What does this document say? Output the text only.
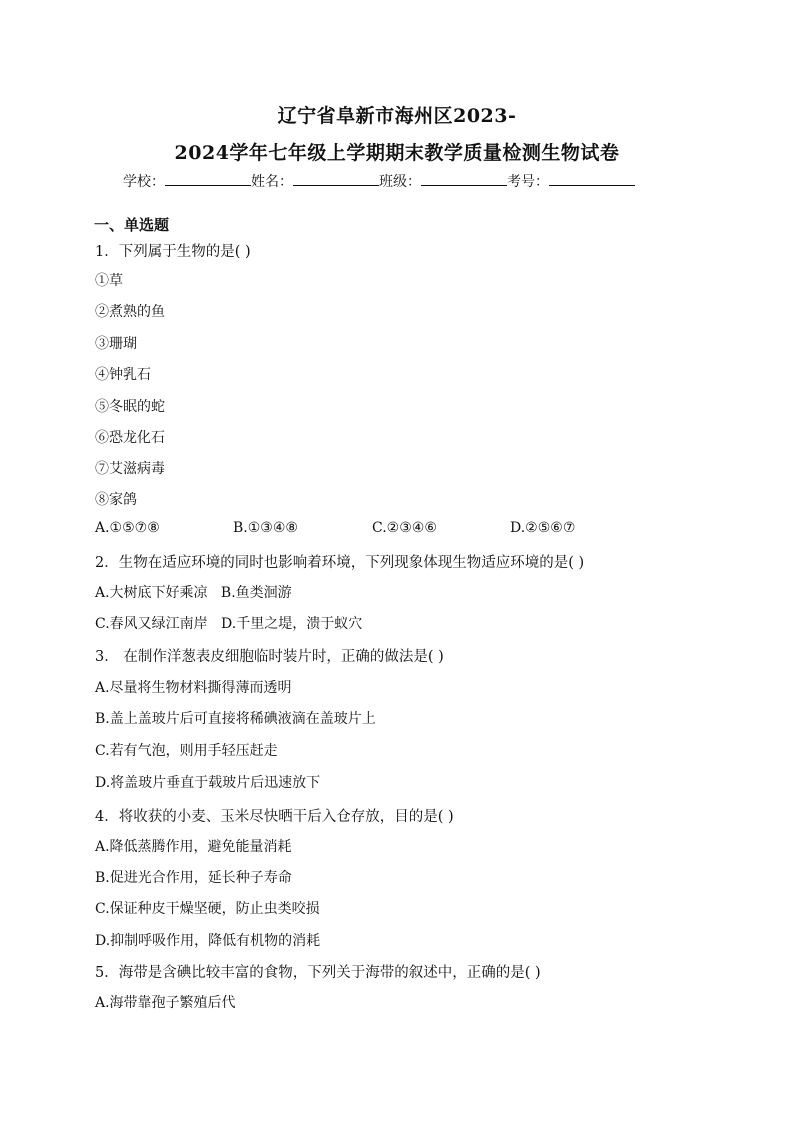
辽宁省阜新市海州区2023-
2024学年七年级上学期期末教学质量检测生物试卷
学校：	姓名：	班级：	考号：
一、单选题
1．下列属于生物的是( )
①草
②煮熟的鱼
③珊瑚
④钟乳石
⑤冬眠的蛇
⑥恐龙化石
⑦艾滋病毒
⑧家鸽
A.①⑤⑦⑧	B.①③④⑧	C.②③④⑥	D.②⑤⑥⑦
2．生物在适应环境的同时也影响着环境，下列现象体现生物适应环境的是( )
A.大树底下好乘凉   B.鱼类洄游
C.春风又绿江南岸   D.千里之堤，溃于蚁穴
3． 在制作洋葱表皮细胞临时装片时，正确的做法是( )
A.尽量将生物材料撕得薄而透明
B.盖上盖玻片后可直接将稀碘液滴在盖玻片上
C.若有气泡，则用手轻压赶走
D.将盖玻片垂直于载玻片后迅速放下
4．将收获的小麦、玉米尽快晒干后入仓存放，目的是( )
A.降低蒸腾作用，避免能量消耗
B.促进光合作用，延长种子寿命
C.保证种皮干燥坚硬，防止虫类咬损
D.抑制呼吸作用，降低有机物的消耗
5．海带是含碘比较丰富的食物，下列关于海带的叙述中，正确的是( )
A.海带靠孢子繁殖后代
